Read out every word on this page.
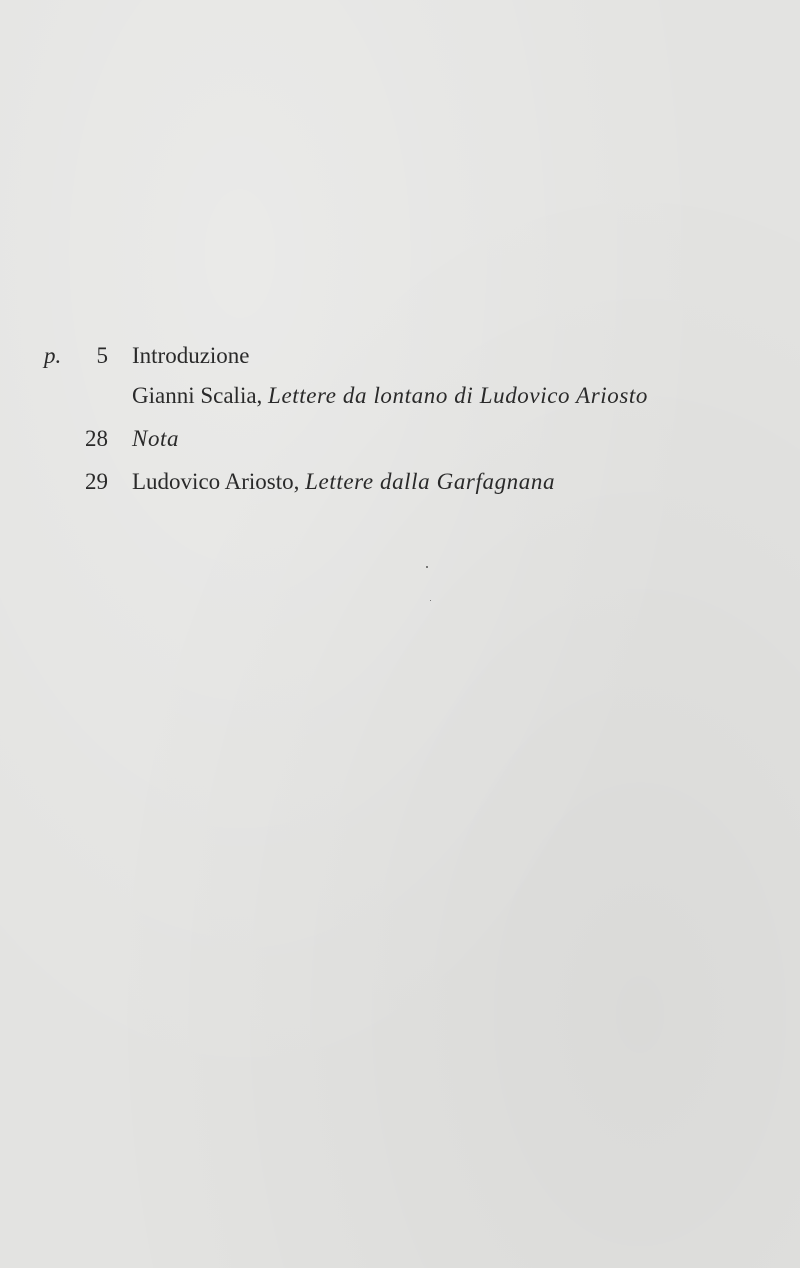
p. 5 Introduzione
Gianni Scalia, Lettere da lontano di Ludovico Ariosto
28 Nota
29 Ludovico Ariosto, Lettere dalla Garfagnana
